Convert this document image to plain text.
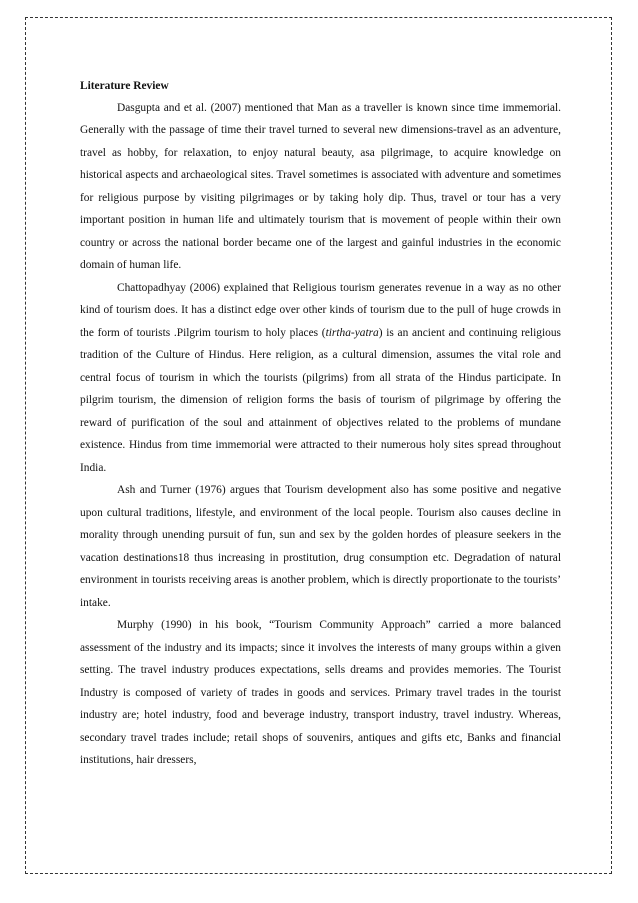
Literature Review

Dasgupta and et al. (2007) mentioned that Man as a traveller is known since time immemorial. Generally with the passage of time their travel turned to several new dimensions-travel as an adventure, travel as hobby, for relaxation, to enjoy natural beauty, asa pilgrimage, to acquire knowledge on historical aspects and archaeological sites. Travel sometimes is associated with adventure and sometimes for religious purpose by visiting pilgrimages or by taking holy dip. Thus, travel or tour has a very important position in human life and ultimately tourism that is movement of people within their own country or across the national border became one of the largest and gainful industries in the economic domain of human life.

Chattopadhyay (2006) explained that Religious tourism generates revenue in a way as no other kind of tourism does. It has a distinct edge over other kinds of tourism due to the pull of huge crowds in the form of tourists .Pilgrim tourism to holy places (tirtha-yatra) is an ancient and continuing religious tradition of the Culture of Hindus. Here religion, as a cultural dimension, assumes the vital role and central focus of tourism in which the tourists (pilgrims) from all strata of the Hindus participate. In pilgrim tourism, the dimension of religion forms the basis of tourism of pilgrimage by offering the reward of purification of the soul and attainment of objectives related to the problems of mundane existence. Hindus from time immemorial were attracted to their numerous holy sites spread throughout India.

Ash and Turner (1976) argues that Tourism development also has some positive and negative upon cultural traditions, lifestyle, and environment of the local people. Tourism also causes decline in morality through unending pursuit of fun, sun and sex by the golden hordes of pleasure seekers in the vacation destinations18 thus increasing in prostitution, drug consumption etc. Degradation of natural environment in tourists receiving areas is another problem, which is directly proportionate to the tourists’ intake.

Murphy (1990) in his book, “Tourism Community Approach” carried a more balanced assessment of the industry and its impacts; since it involves the interests of many groups within a given setting. The travel industry produces expectations, sells dreams and provides memories. The Tourist Industry is composed of variety of trades in goods and services. Primary travel trades in the tourist industry are; hotel industry, food and beverage industry, transport industry, travel industry. Whereas, secondary travel trades include; retail shops of souvenirs, antiques and gifts etc, Banks and financial institutions, hair dressers,
